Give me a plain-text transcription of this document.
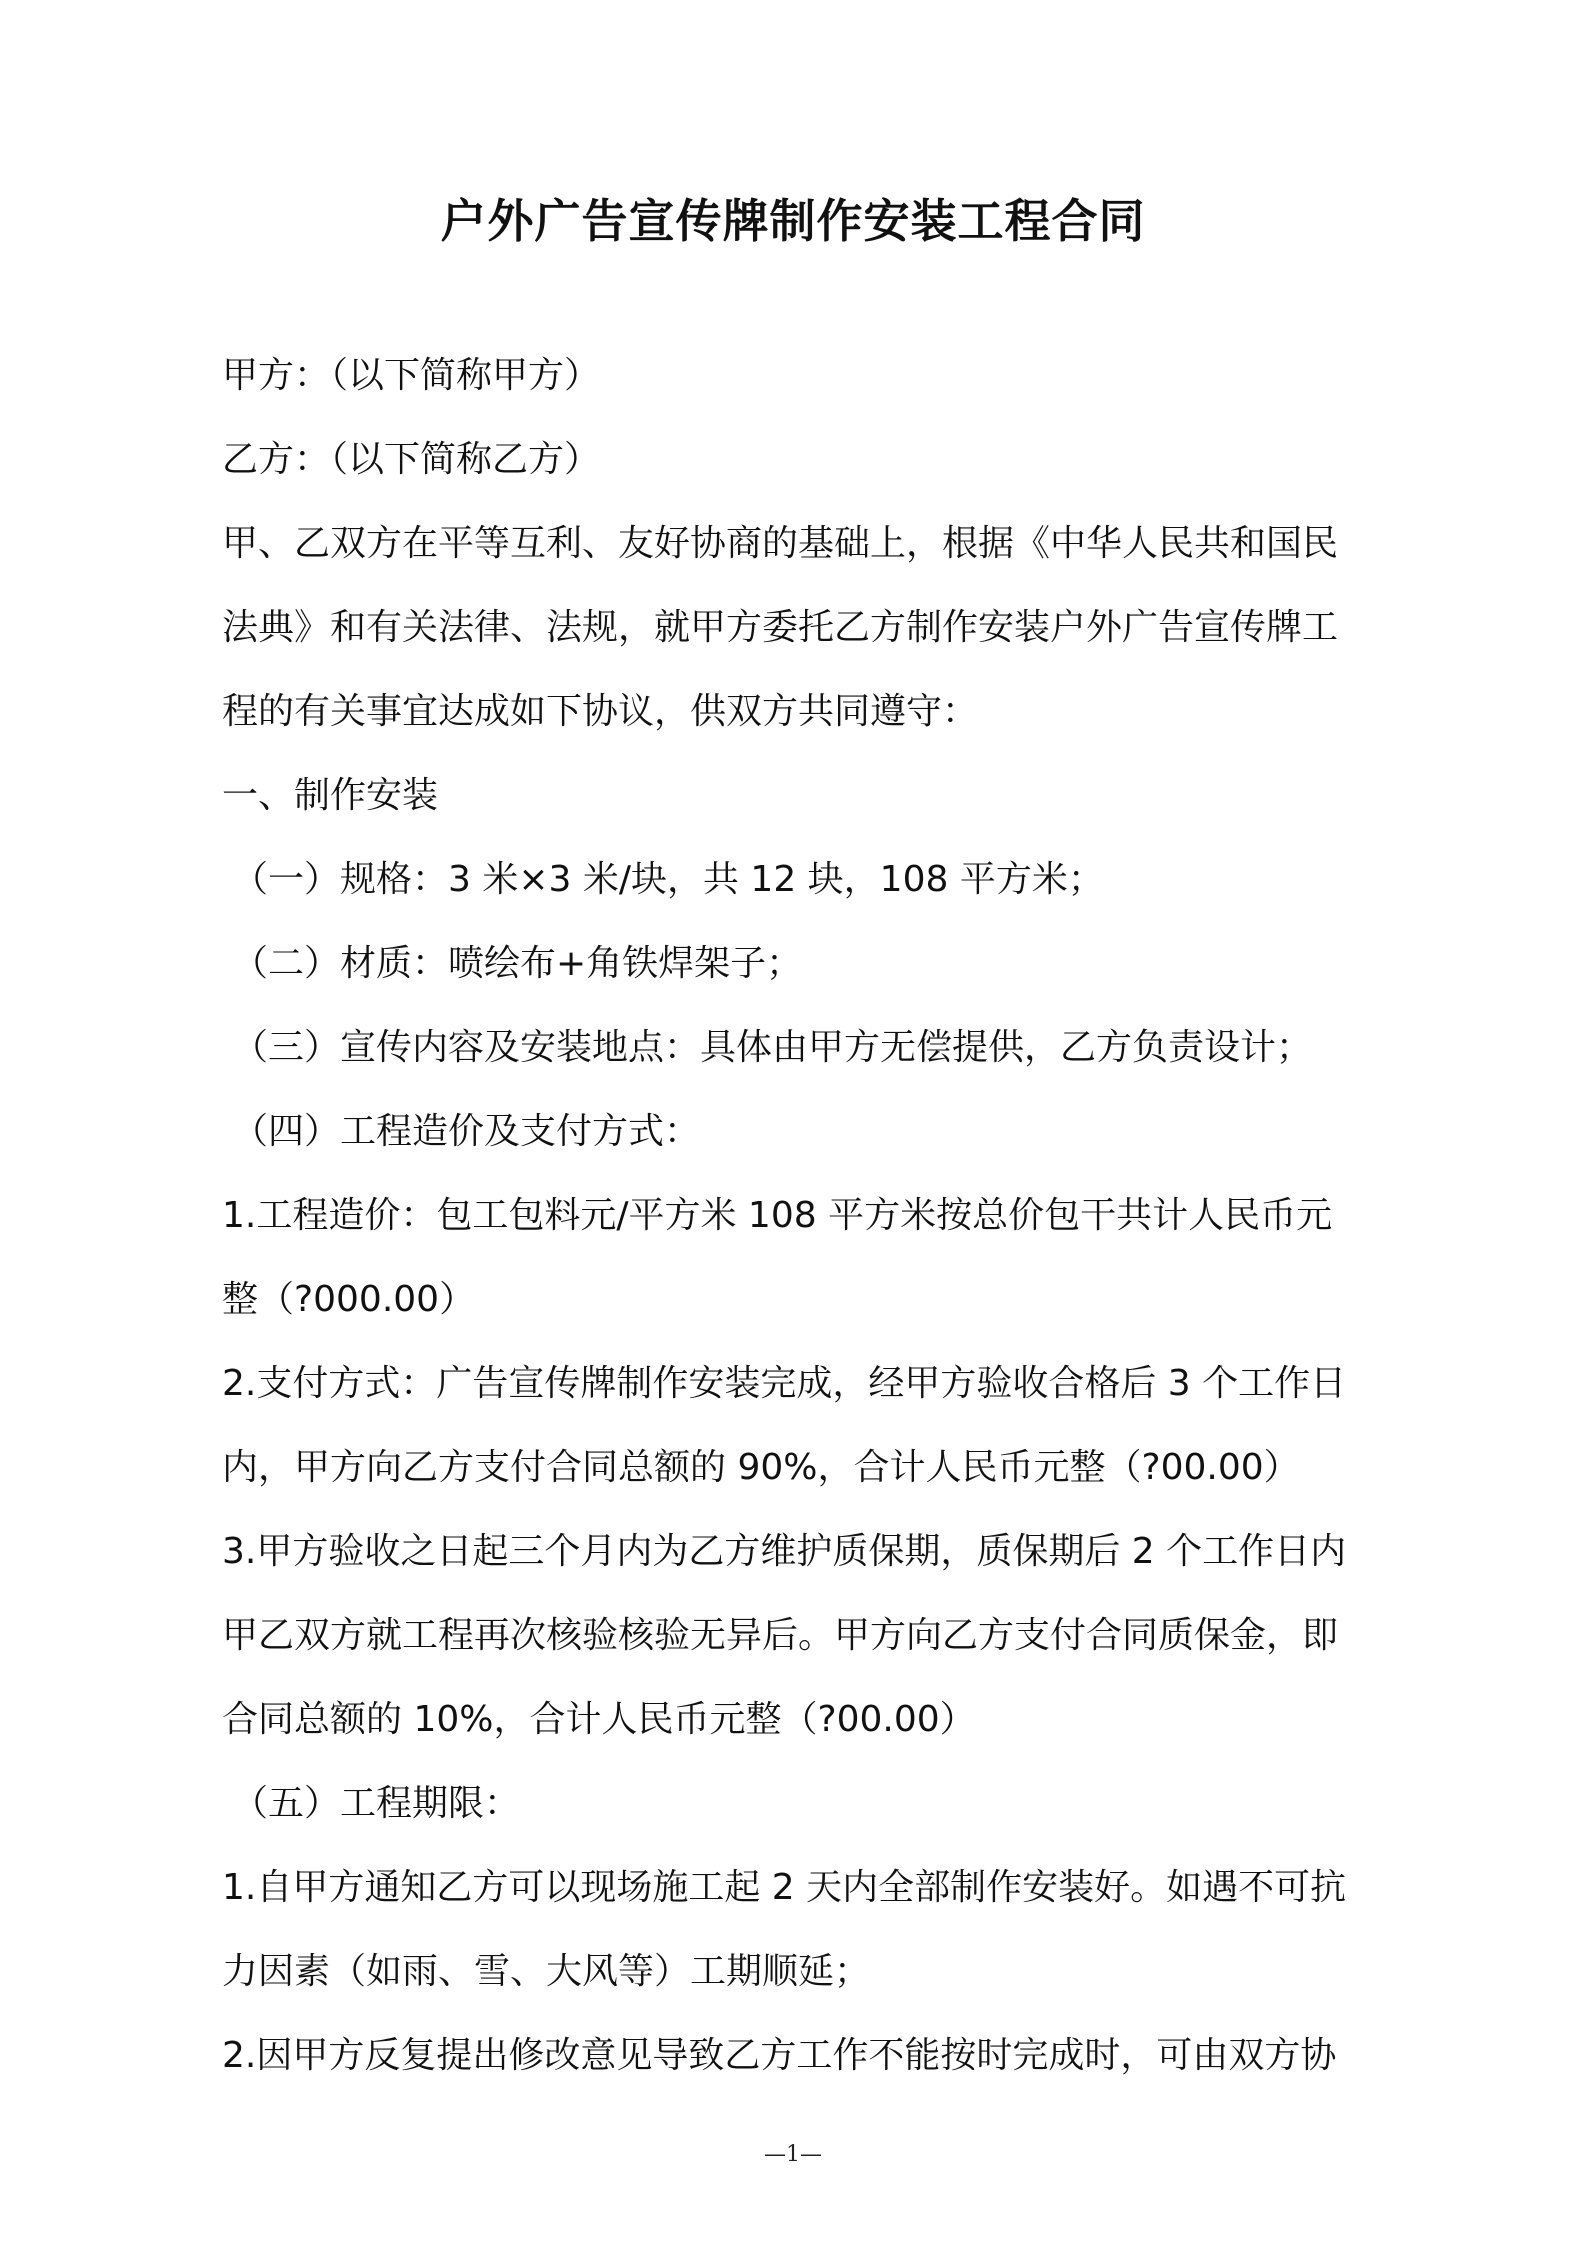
户外广告宣传牌制作安装工程合同

甲方：（以下简称甲方）

乙方：（以下简称乙方）

甲、乙双方在平等互利、友好协商的基础上，根据《中华人民共和国民

法典》和有关法律、法规，就甲方委托乙方制作安装户外广告宣传牌工

程的有关事宜达成如下协议，供双方共同遵守：

一、制作安装

（一）规格：3 米×3 米/块，共 12 块，108 平方米；

（二）材质：喷绘布+角铁焊架子；

（三）宣传内容及安装地点：具体由甲方无偿提供，乙方负责设计；

（四）工程造价及支付方式：

1.工程造价：包工包料元/平方米 108 平方米按总价包干共计人民币元

整（?000.00）

2.支付方式：广告宣传牌制作安装完成，经甲方验收合格后 3 个工作日

内，甲方向乙方支付合同总额的 90%，合计人民币元整（?00.00）

3.甲方验收之日起三个月内为乙方维护质保期，质保期后 2 个工作日内

甲乙双方就工程再次核验核验无异后。甲方向乙方支付合同质保金，即

合同总额的 10%，合计人民币元整（?00.00）

（五）工程期限：

1.自甲方通知乙方可以现场施工起 2 天内全部制作安装好。如遇不可抗

力因素（如雨、雪、大风等）工期顺延；

2.因甲方反复提出修改意见导致乙方工作不能按时完成时，可由双方协

—1—
